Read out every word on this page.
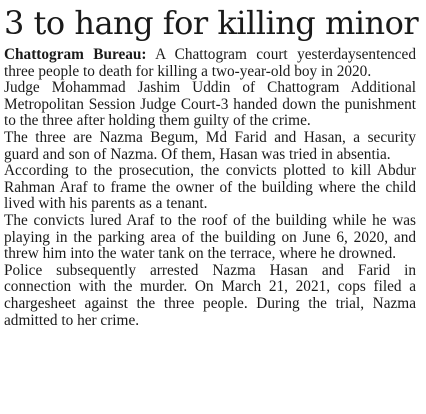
3 to hang for killing minor

Chattogram Bureau: A Chattogram court yesterdaysentenced three people to death for killing a two-year-old boy in 2020.

Judge Mohammad Jashim Uddin of Chattogram Additional Metropolitan Session Judge Court-3 handed down the punishment to the three after holding them guilty of the crime.

The three are Nazma Begum, Md Farid and Hasan, a security guard and son of Nazma. Of them, Hasan was tried in absentia.

According to the prosecution, the convicts plotted to kill Abdur Rahman Araf to frame the owner of the building where the child lived with his parents as a tenant.

The convicts lured Araf to the roof of the building while he was playing in the parking area of the building on June 6, 2020, and threw him into the water tank on the terrace, where he drowned.

Police subsequently arrested Nazma Hasan and Farid in connection with the murder. On March 21, 2021, cops filed a chargesheet against the three people. During the trial, Nazma admitted to her crime.
